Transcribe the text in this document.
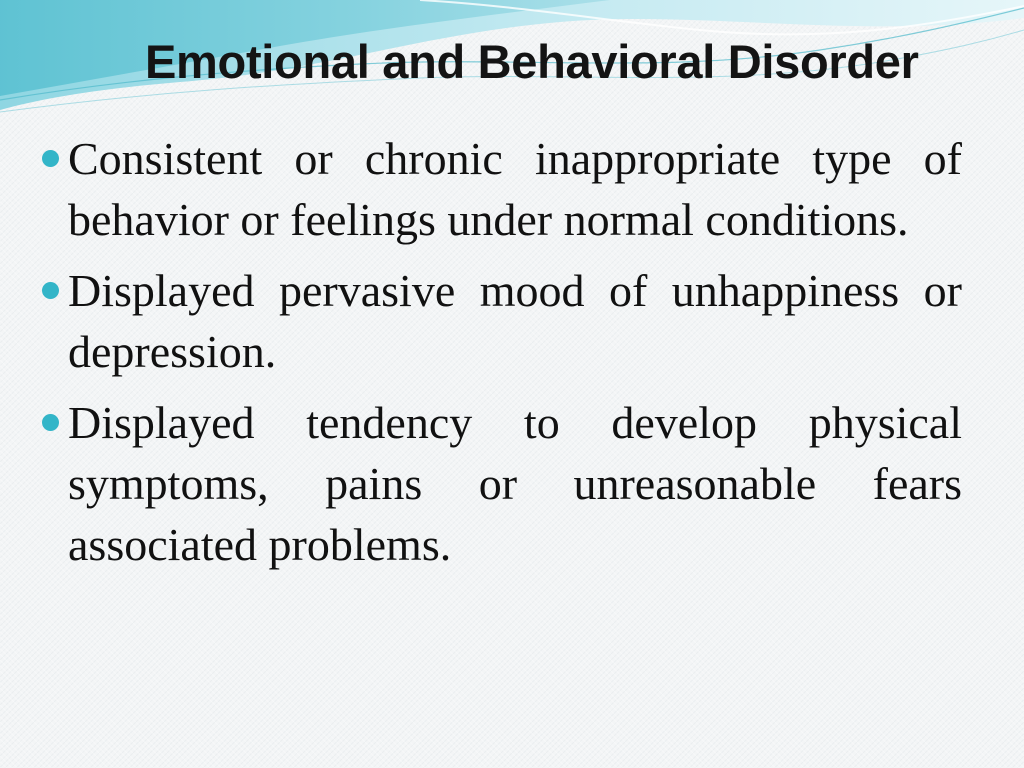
Emotional and Behavioral Disorder
Consistent or chronic inappropriate type of behavior or feelings under normal conditions.
Displayed pervasive mood of unhappiness or depression.
Displayed tendency to develop physical symptoms, pains or unreasonable fears associated problems.
